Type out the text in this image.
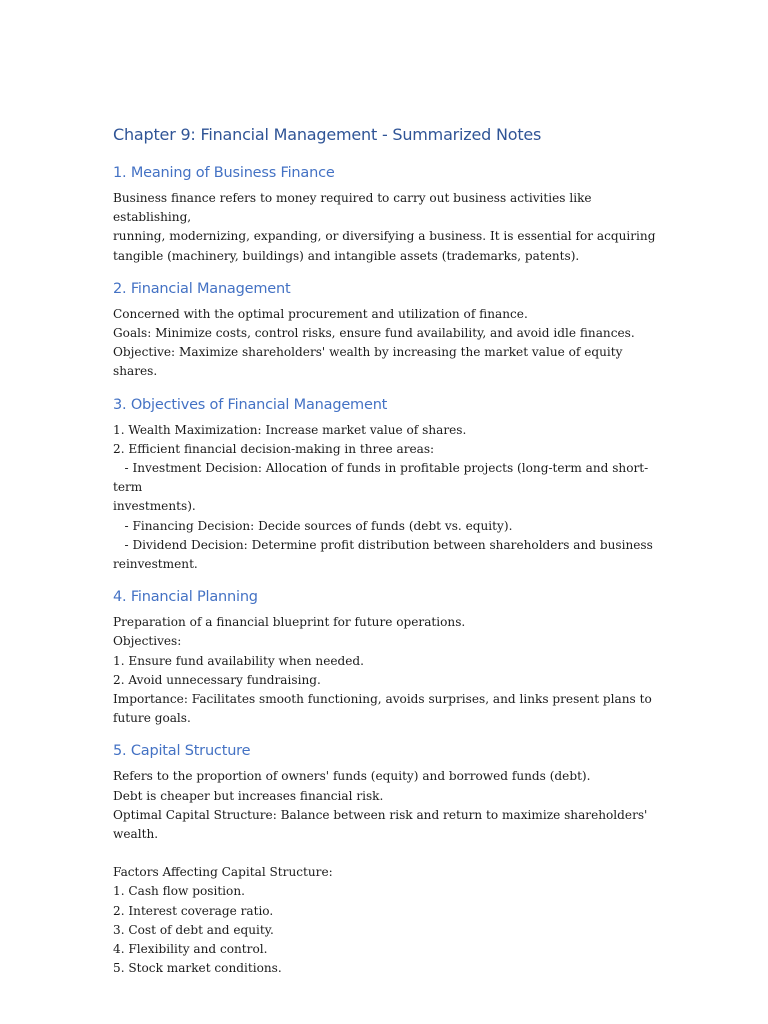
Chapter 9: Financial Management - Summarized Notes
1. Meaning of Business Finance

Business finance refers to money required to carry out business activities like establishing,

running, modernizing, expanding, or diversifying a business. It is essential for acquiring

tangible (machinery, buildings) and intangible assets (trademarks, patents).

2. Financial Management

Concerned with the optimal procurement and utilization of finance.

Goals: Minimize costs, control risks, ensure fund availability, and avoid idle finances.

Objective: Maximize shareholders' wealth by increasing the market value of equity shares.

3. Objectives of Financial Management

1. Wealth Maximization: Increase market value of shares.

2. Efficient financial decision-making in three areas:

- Investment Decision: Allocation of funds in profitable projects (long-term and short-term

investments).

- Financing Decision: Decide sources of funds (debt vs. equity).

- Dividend Decision: Determine profit distribution between shareholders and business

reinvestment.

4. Financial Planning

Preparation of a financial blueprint for future operations.

Objectives:

1. Ensure fund availability when needed.

2. Avoid unnecessary fundraising.

Importance: Facilitates smooth functioning, avoids surprises, and links present plans to

future goals.

5. Capital Structure

Refers to the proportion of owners' funds (equity) and borrowed funds (debt).

Debt is cheaper but increases financial risk.

Optimal Capital Structure: Balance between risk and return to maximize shareholders'

wealth.

Factors Affecting Capital Structure:

1. Cash flow position.

2. Interest coverage ratio.

3. Cost of debt and equity.

4. Flexibility and control.

5. Stock market conditions.
